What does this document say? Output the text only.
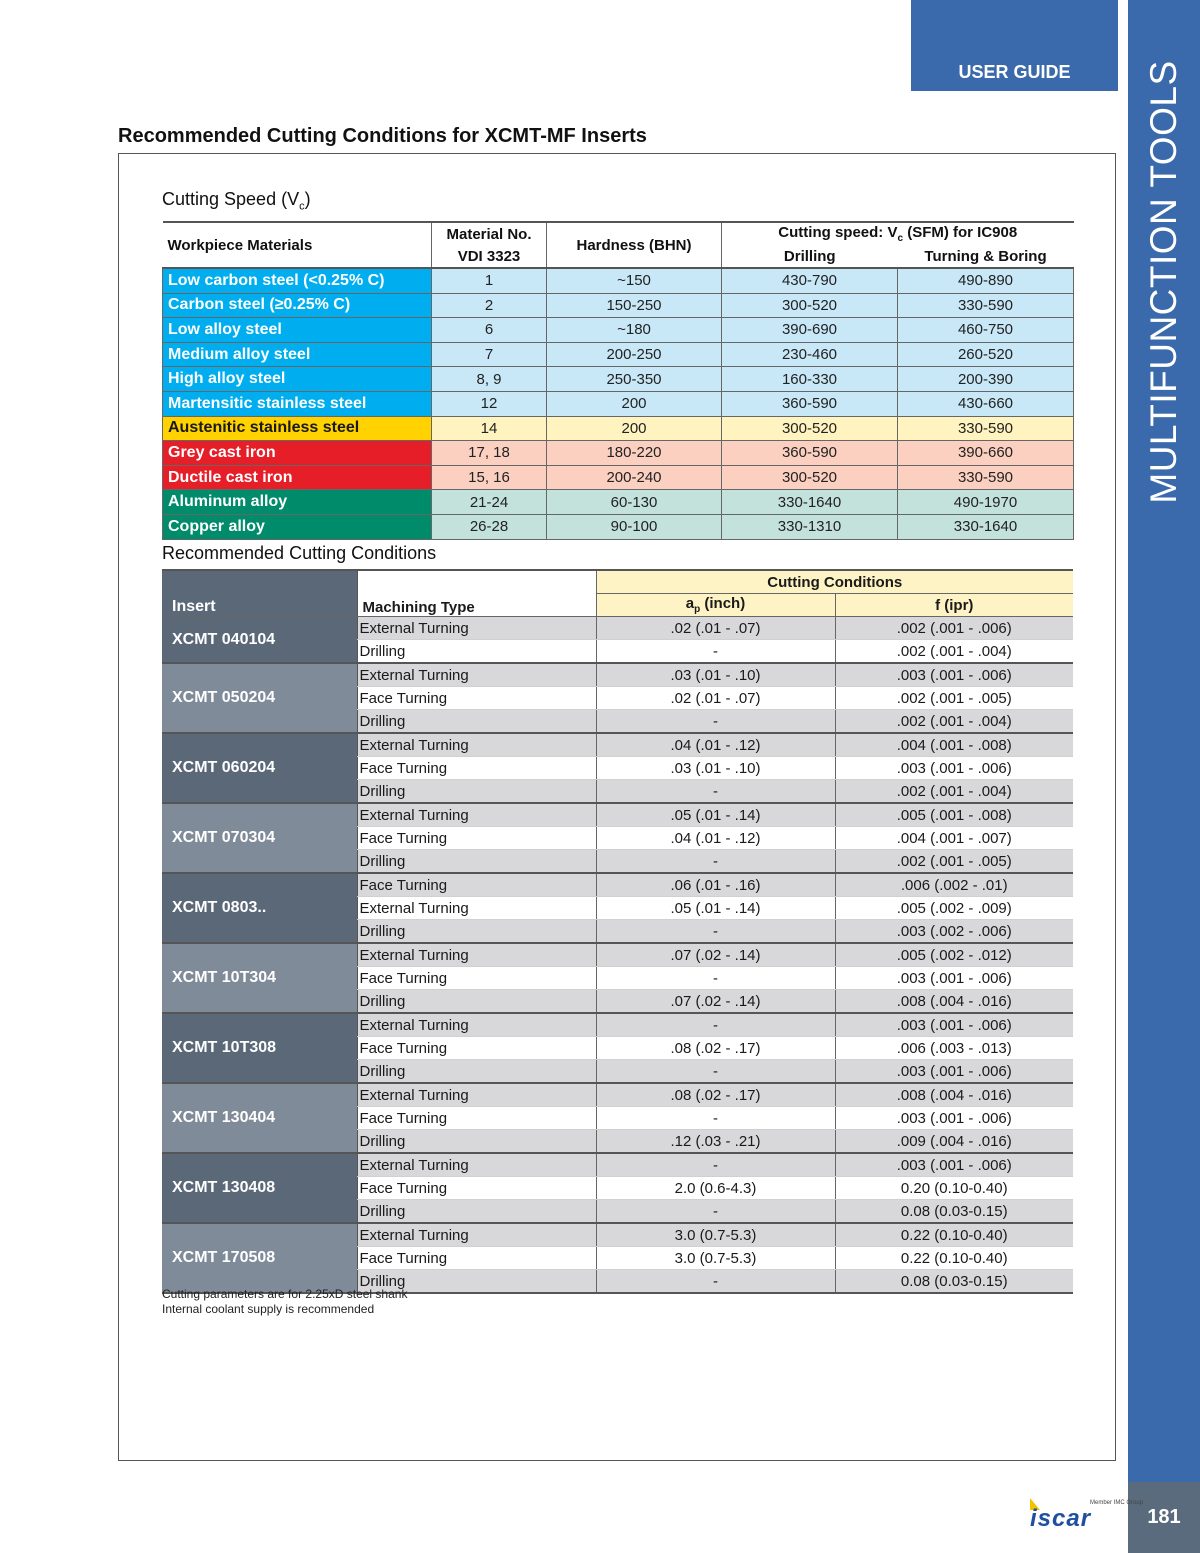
USER GUIDE MULTIFUNCTION TOOLS
181
Member IMC Group
iscar
Recommended Cutting Conditions for XCMT-MF Inserts
Cutting Speed $(V_c)$
Workpiece Materials	Material No.	Hardness (BHN)	Cutting speed: $V_c$ (SFM) for IC908	
	VDI 3323		Drilling	Turning & Boring
Low carbon steel (<0.25% C)	1	~150	430-790	490-890
Carbon steel (≥0.25% C)	2	150-250	300-520	330-590
Low alloy steel	6	~180	390-690	460-750
Medium alloy steel	7	200-250	230-460	260-520
High alloy steel	8, 9	250-350	160-330	200-390
Martensitic stainless steel	12	200	360-590	430-660
Austenitic stainless steel	14	200	300-520	330-590
Grey cast iron	17, 18	180-220	360-590	390-660
Ductile cast iron	15, 16	200-240	300-520	330-590
Aluminum alloy	21-24	60-130	330-1640	490-1970
Copper alloy	26-28	90-100	330-1310	330-1640
Recommended Cutting Conditions
		Cutting Conditions	
Insert	Machining Type	$a_p$ (inch)	f (ipr)
XCMT 040104	External Turning	.02 (.01 - .07)	.002 (.001 - .006)
	Drilling	-	.002 (.001 - .004)
XCMT 050204	External Turning	.03 (.01 - .10)	.003 (.001 - .006)
	Face Turning	.02 (.01 - .07)	.002 (.001 - .005)
	Drilling	-	.002 (.001 - .004)
XCMT 060204	External Turning	.04 (.01 - .12)	.004 (.001 - .008)
	Face Turning	.03 (.01 - .10)	.003 (.001 - .006)
	Drilling	-	.002 (.001 - .004)
XCMT 070304	External Turning	.05 (.01 - .14)	.005 (.001 - .008)
	Face Turning	.04 (.01 - .12)	.004 (.001 - .007)
	Drilling	-	.002 (.001 - .005)
XCMT 0803..	Face Turning	.06 (.01 - .16)	.006 (.002 - .01)
	External Turning	.05 (.01 - .14)	.005 (.002 - .009)
	Drilling	-	.003 (.002 - .006)
XCMT 10T304	External Turning	.07 (.02 - .14)	.005 (.002 - .012)
	Face Turning	-	.003 (.001 - .006)
	Drilling	.07 (.02 - .14)	.008 (.004 - .016)
XCMT 10T308	External Turning	-	.003 (.001 - .006)
	Face Turning	.08 (.02 - .17)	.006 (.003 - .013)
	Drilling	-	.003 (.001 - .006)
XCMT 130404	External Turning	.08 (.02 - .17)	.008 (.004 - .016)
	Face Turning	-	.003 (.001 - .006)
	Drilling	.12 (.03 - .21)	.009 (.004 - .016)
XCMT 130408	External Turning	-	.003 (.001 - .006)
	Face Turning	2.0 (0.6-4.3)	0.20 (0.10-0.40)
	Drilling	-	0.08 (0.03-0.15)
XCMT 170508	External Turning	3.0 (0.7-5.3)	0.22 (0.10-0.40)
	Face Turning	3.0 (0.7-5.3)	0.22 (0.10-0.40)
	Drilling	-	0.08 (0.03-0.15)
Cutting parameters are for 2.25xD steel shank
Internal coolant supply is recommended
